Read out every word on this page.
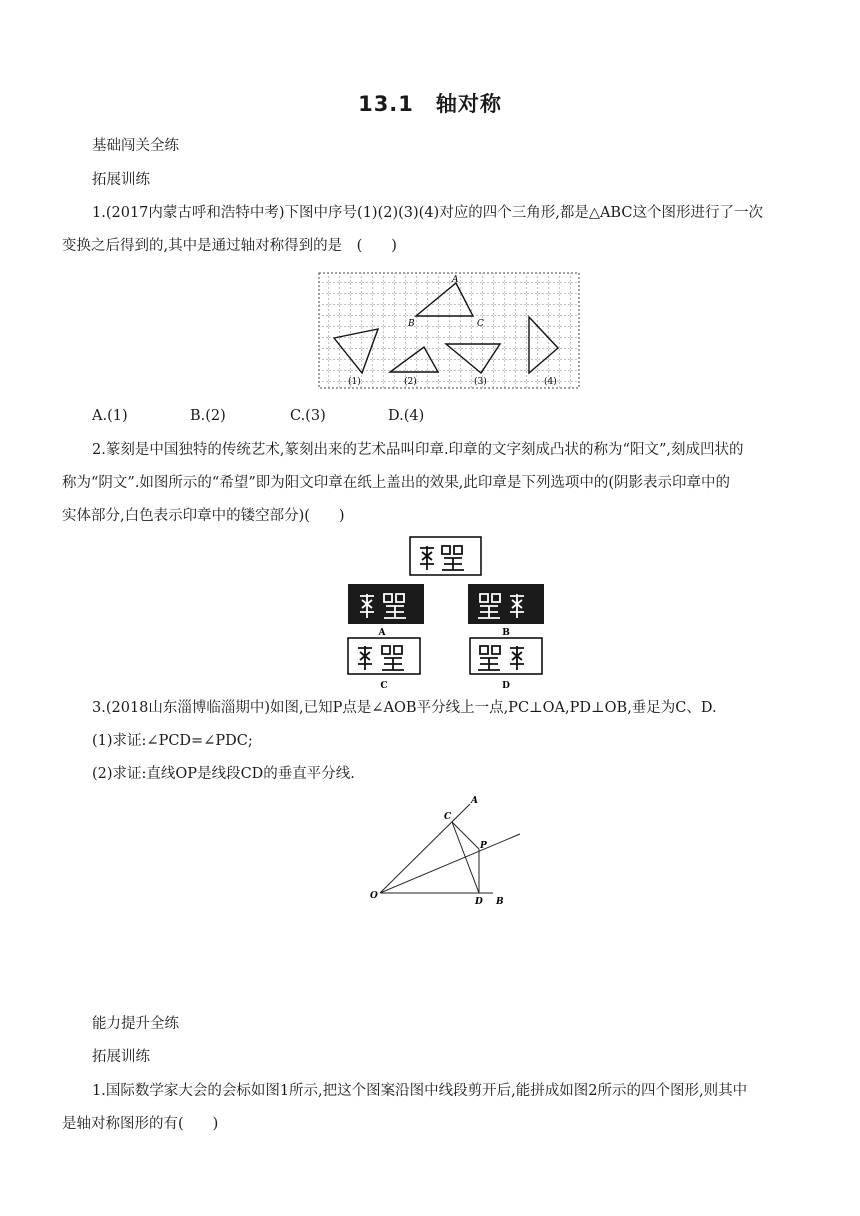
13.1 轴对称
基础闯关全练
拓展训练
1.(2017内蒙古呼和浩特中考)下图中序号(1)(2)(3)(4)对应的四个三角形,都是△ABC这个图形进行了一次
变换之后得到的,其中是通过轴对称得到的是　(　　)
A
B	C
(1)	(2)	(3)	(4)
A.(1)	B.(2)	C.(3)	D.(4)
2.篆刻是中国独特的传统艺术,篆刻出来的艺术品叫印章.印章的文字刻成凸状的称为“阳文”,刻成凹状的
称为“阴文”.如图所示的“希望”即为阳文印章在纸上盖出的效果,此印章是下列选项中的(阴影表示印章中的
实体部分,白色表示印章中的镂空部分)(　　)
A	B
C	D
3.(2018山东淄博临淄期中)如图,已知P点是∠AOB平分线上一点,PC⊥OA,PD⊥OB,垂足为C、D.
(1)求证:∠PCD=∠PDC;
(2)求证:直线OP是线段CD的垂直平分线.
C
A
P
O
D B
能力提升全练
拓展训练
1.国际数学家大会的会标如图1所示,把这个图案沿图中线段剪开后,能拼成如图2所示的四个图形,则其中
是轴对称图形的有(　　)
